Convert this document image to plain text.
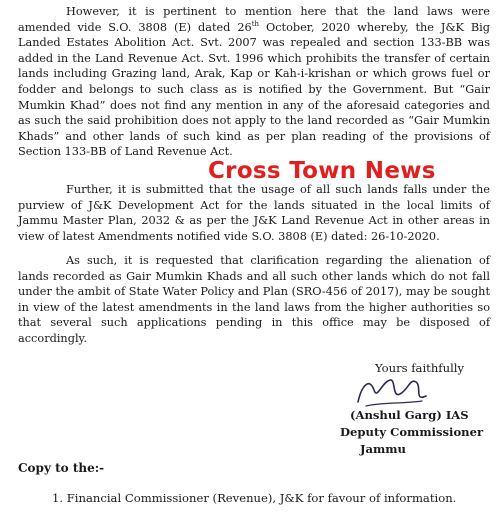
However, it is pertinent to mention here that the land laws were amended vide S.O. 3808 (E) dated 26th October, 2020 whereby, the J&K Big Landed Estates Abolition Act. Svt. 2007 was repealed and section 133-BB was added in the Land Revenue Act. Svt. 1996 which prohibits the transfer of certain lands including Grazing land, Arak, Kap or Kah-i-krishan or which grows fuel or fodder and belongs to such class as is notified by the Government. But “Gair Mumkin Khad” does not find any mention in any of the aforesaid categories and as such the said prohibition does not apply to the land recorded as “Gair Mumkin Khads” and other lands of such kind as per plan reading of the provisions of Section 133-BB of Land Revenue Act.

Further, it is submitted that the usage of all such lands falls under the purview of J&K Development Act for the lands situated in the local limits of Jammu Master Plan, 2032 & as per the J&K Land Revenue Act in other areas in view of latest Amendments notified vide S.O. 3808 (E) dated: 26-10-2020.

As such, it is requested that clarification regarding the alienation of lands recorded as Gair Mumkin Khads and all such other lands which do not fall under the ambit of State Water Policy and Plan (SRO-456 of 2017), may be sought in view of the latest amendments in the land laws from the higher authorities so that several such applications pending in this office may be disposed of accordingly.

Cross Town News
Yours faithfully
(Anshul Garg) IAS
Deputy Commissioner
Jammu
Copy to the:-
1. Financial Commissioner (Revenue), J&K for favour of information.
